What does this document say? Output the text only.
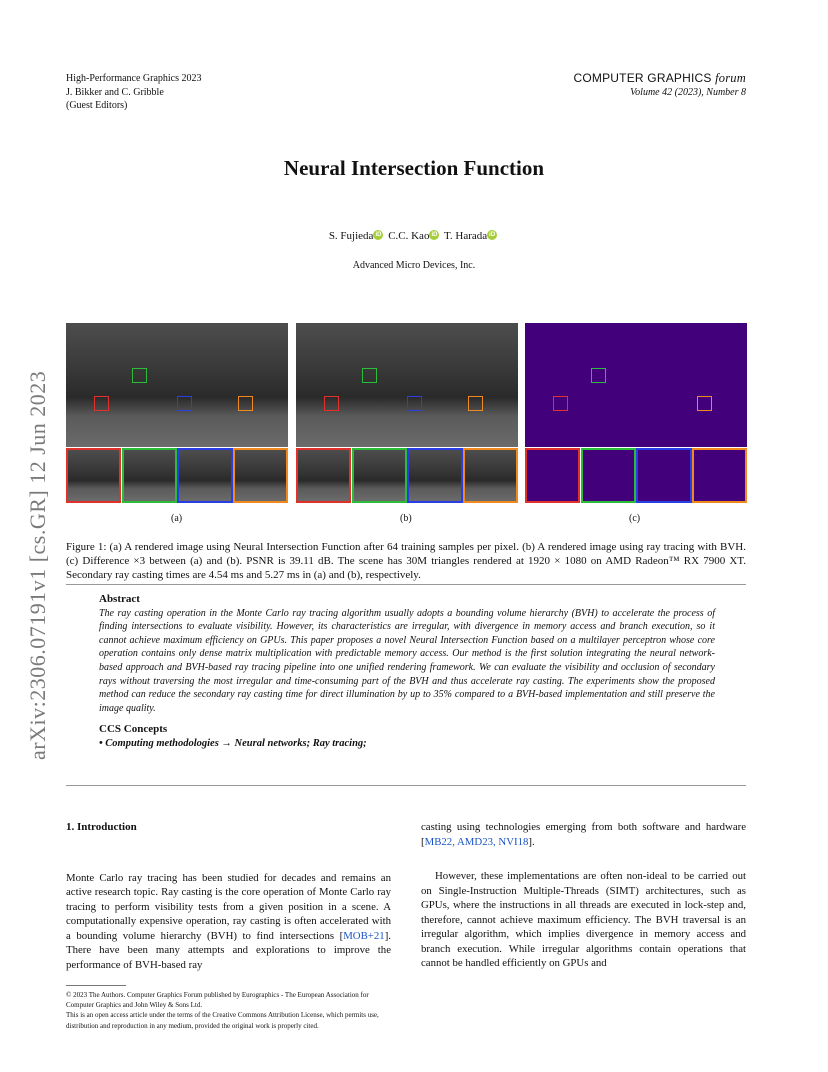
High-Performance Graphics 2023
J. Bikker and C. Gribble
(Guest Editors)
COMPUTER GRAPHICS forum
Volume 42 (2023), Number 8
arXiv:2306.07191v1 [cs.GR] 12 Jun 2023
Neural Intersection Function
S. Fujieda iD C.C. Kao iD T. Harada iD
Advanced Micro Devices, Inc.
(a)	(b)	(c)
Figure 1: (a) A rendered image using Neural Intersection Function after 64 training samples per pixel. (b) A rendered image using ray tracing with BVH. (c) Difference ×3 between (a) and (b). PSNR is 39.11 dB. The scene has 30M triangles rendered at 1920 × 1080 on AMD Radeon™ RX 7900 XT. Secondary ray casting times are 4.54 ms and 5.27 ms in (a) and (b), respectively.
Abstract

The ray casting operation in the Monte Carlo ray tracing algorithm usually adopts a bounding volume hierarchy (BVH) to accelerate the process of finding intersections to evaluate visibility. However, its characteristics are irregular, with divergence in memory access and branch execution, so it cannot achieve maximum efficiency on GPUs. This paper proposes a novel Neural Intersection Function based on a multilayer perceptron whose core operation contains only dense matrix multiplication with predictable memory access. Our method is the first solution integrating the neural network-based approach and BVH-based ray tracing pipeline into one unified rendering framework. We can evaluate the visibility and occlusion of secondary rays without traversing the most irregular and time-consuming part of the BVH and thus accelerate ray casting. The experiments show the proposed method can reduce the secondary ray casting time for direct illumination by up to 35% compared to a BVH-based implementation and still preserve the image quality.

CCS Concepts

• Computing methodologies → Neural networks; Ray tracing;

1. Introduction

Monte Carlo ray tracing has been studied for decades and remains an active research topic. Ray casting is the core operation of Monte Carlo ray tracing to perform visibility tests from a given position in a scene. A computationally expensive operation, ray casting is often accelerated with a bounding volume hierarchy (BVH) to find intersections [MOB+21]. There have been many attempts and explorations to improve the performance of BVH-based ray

casting using technologies emerging from both software and hardware [MB22, AMD23, NVI18].

However, these implementations are often non-ideal to be carried out on Single-Instruction Multiple-Threads (SIMT) architectures, such as GPUs, where the instructions in all threads are executed in lock-step and, therefore, cannot achieve maximum efficiency. The BVH traversal is an irregular algorithm, which implies divergence in memory access and branch execution. While irregular algorithms contain operations that cannot be handled efficiently on GPUs and

© 2023 The Authors. Computer Graphics Forum published by Eurographics - The European Association for Computer Graphics and John Wiley & Sons Ltd.
This is an open access article under the terms of the Creative Commons Attribution License, which permits use, distribution and reproduction in any medium, provided the original work is properly cited.
